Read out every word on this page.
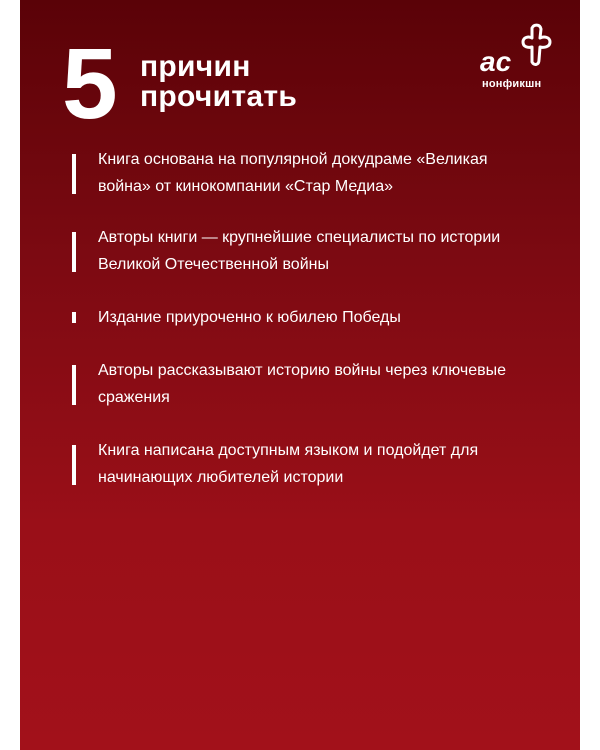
5 причин
прочитать
ас
нонфикшн
Книга основана на популярной докудраме «Великая война» от кинокомпании «Стар Медиа»
Авторы книги — крупнейшие специалисты по истории Великой Отечественной войны
Издание приуроченно к юбилею Победы
Авторы рассказывают историю войны через ключевые сражения
Книга написана доступным языком и подойдет для начинающих любителей истории
